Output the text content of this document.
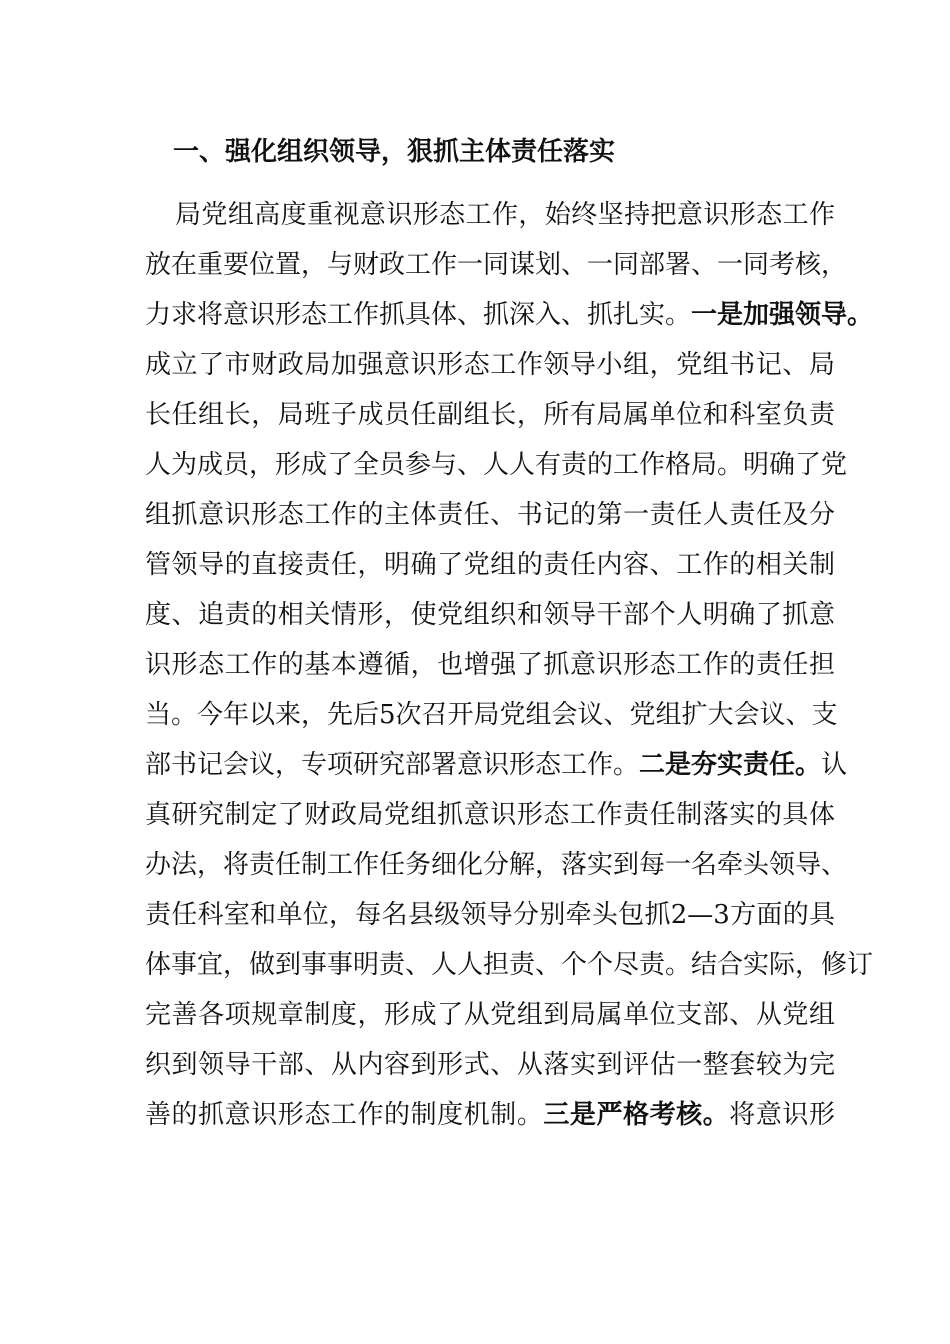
一、强化组织领导，狠抓主体责任落实
局党组高度重视意识形态工作，始终坚持把意识形态工作
放在重要位置，与财政工作一同谋划、一同部署、一同考核，
力求将意识形态工作抓具体、抓深入、抓扎实。一是加强领导。
成立了市财政局加强意识形态工作领导小组，党组书记、局
长任组长，局班子成员任副组长，所有局属单位和科室负责
人为成员，形成了全员参与、人人有责的工作格局。明确了党
组抓意识形态工作的主体责任、书记的第一责任人责任及分
管领导的直接责任，明确了党组的责任内容、工作的相关制
度、追责的相关情形，使党组织和领导干部个人明确了抓意
识形态工作的基本遵循，也增强了抓意识形态工作的责任担
当。今年以来，先后5次召开局党组会议、党组扩大会议、支
部书记会议，专项研究部署意识形态工作。二是夯实责任。认
真研究制定了财政局党组抓意识形态工作责任制落实的具体
办法，将责任制工作任务细化分解，落实到每一名牵头领导、
责任科室和单位，每名县级领导分别牵头包抓2—3方面的具
体事宜，做到事事明责、人人担责、个个尽责。结合实际，修订
完善各项规章制度，形成了从党组到局属单位支部、从党组
织到领导干部、从内容到形式、从落实到评估一整套较为完
善的抓意识形态工作的制度机制。三是严格考核。将意识形
